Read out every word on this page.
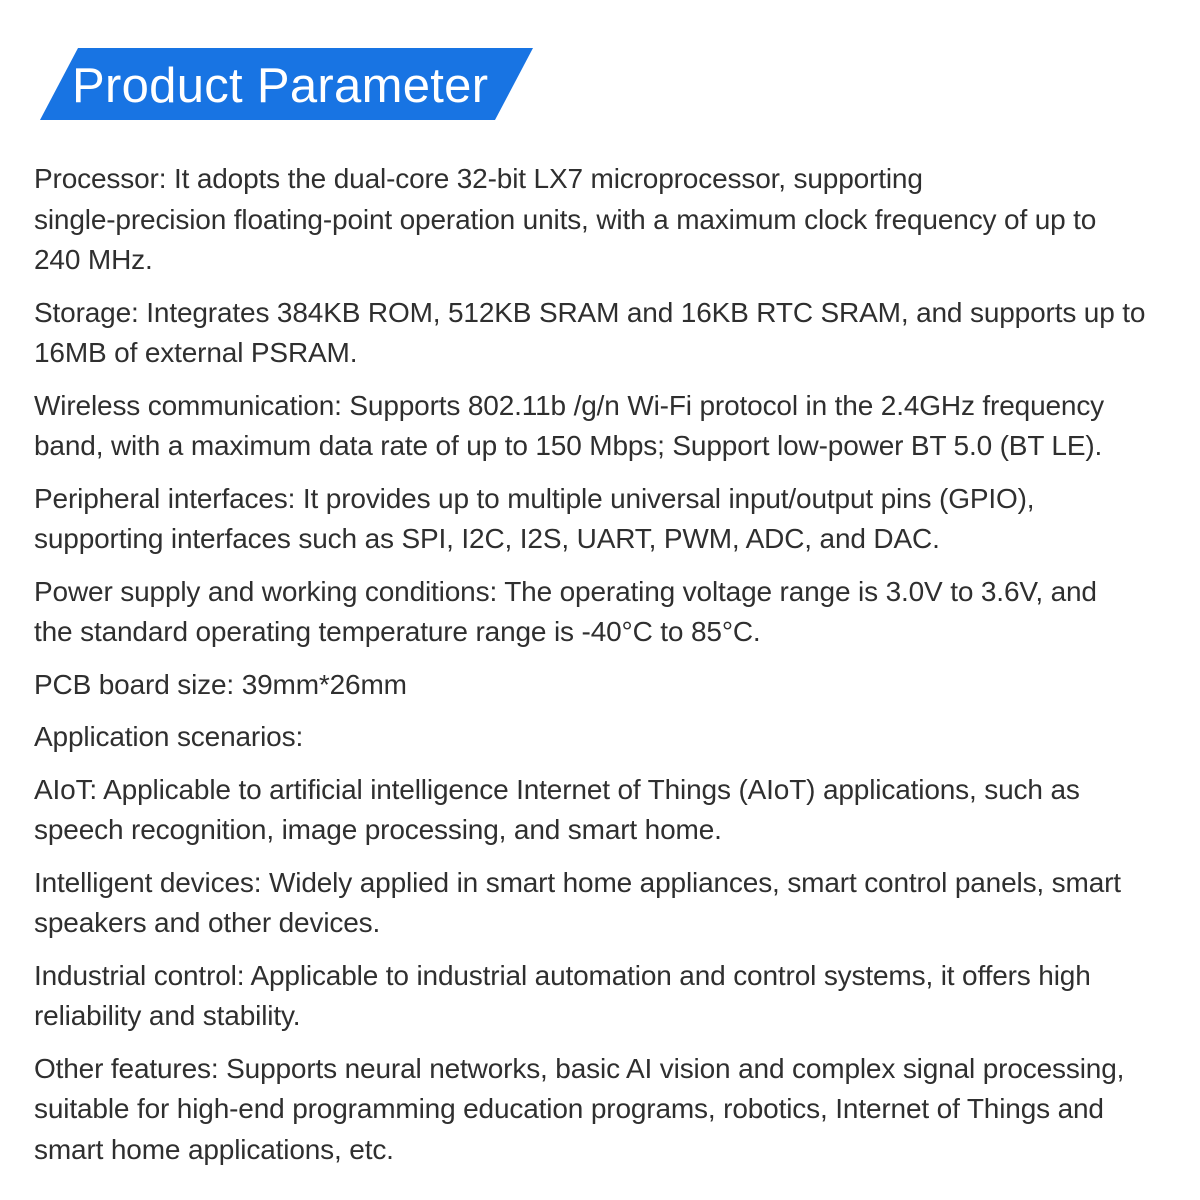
Product Parameter

Processor: It adopts the dual-core 32-bit LX7 microprocessor, supporting
single-precision floating-point operation units, with a maximum clock frequency of up to
240 MHz.

Storage: Integrates 384KB ROM, 512KB SRAM and 16KB RTC SRAM, and supports up to
16MB of external PSRAM.

Wireless communication: Supports 802.11b /g/n Wi-Fi protocol in the 2.4GHz frequency
band, with a maximum data rate of up to 150 Mbps; Support low-power BT 5.0 (BT LE).

Peripheral interfaces: It provides up to multiple universal input/output pins (GPIO),
supporting interfaces such as SPI, I2C, I2S, UART, PWM, ADC, and DAC.

Power supply and working conditions: The operating voltage range is 3.0V to 3.6V, and
the standard operating temperature range is -40°C to 85°C.

PCB board size: 39mm*26mm

Application scenarios:

AIoT: Applicable to artificial intelligence Internet of Things (AIoT) applications, such as
speech recognition, image processing, and smart home.

Intelligent devices: Widely applied in smart home appliances, smart control panels, smart
speakers and other devices.

Industrial control: Applicable to industrial automation and control systems, it offers high
reliability and stability.

Other features: Supports neural networks, basic AI vision and complex signal processing,
suitable for high-end programming education programs, robotics, Internet of Things and
smart home applications, etc.
